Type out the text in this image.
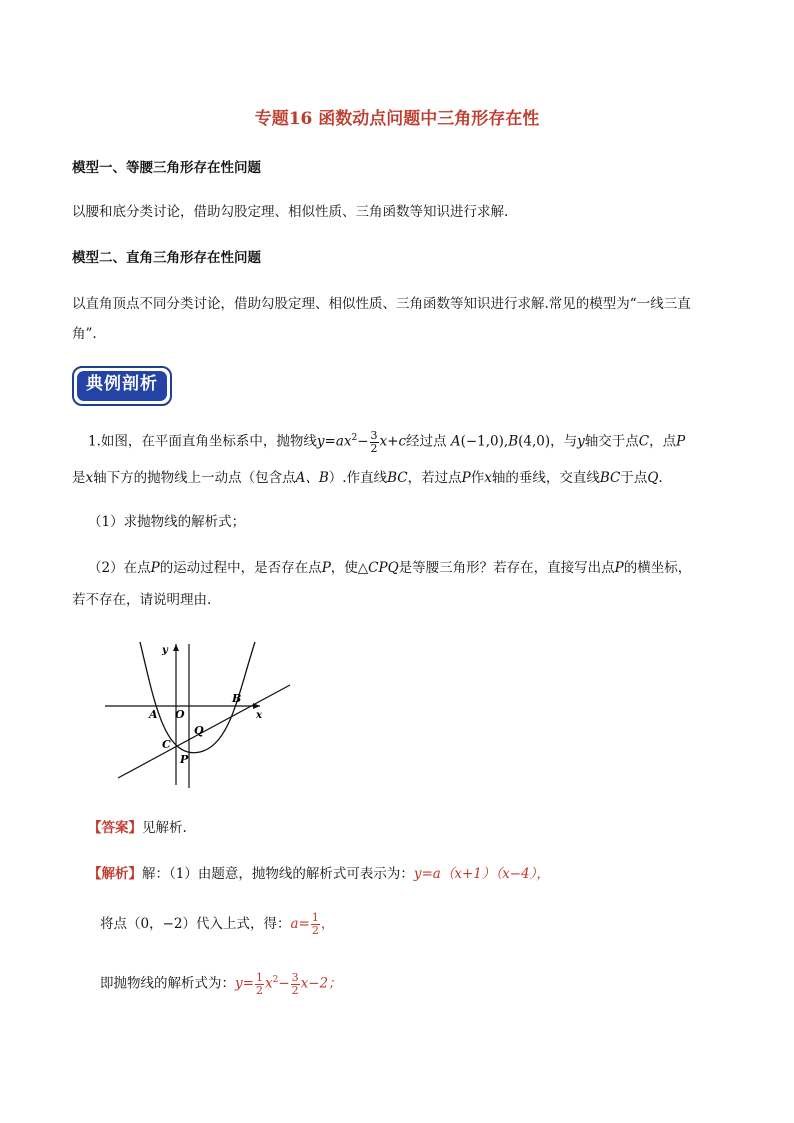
专题16 函数动点问题中三角形存在性
模型一、等腰三角形存在性问题
以腰和底分类讨论，借助勾股定理、相似性质、三角函数等知识进行求解.
模型二、直角三角形存在性问题
以直角顶点不同分类讨论，借助勾股定理、相似性质、三角函数等知识进行求解.常见的模型为“一线三直
角”.
典例剖析
1.如图，在平面直角坐标系中，抛物线$y=ax^2- \frac{3}{2} x+c$经过点 A(−1,0),B(4,0)，与y轴交于点C，点P
是x轴下方的抛物线上一动点（包含点A、B）.作直线BC，若过点P作x轴的垂线，交直线BC于点Q.
（1）求抛物线的解析式；
（2）在点P的运动过程中，是否存在点P，使△CPQ是等腰三角形？若存在，直接写出点P的横坐标，
若不存在，请说明理由.
y
x
A O
B
C
Q
P
【答案】见解析.
【解析】解：（1）由题意，抛物线的解析式可表示为：y=a（x+1）（x−4），
将点（0，−2）代入上式，得：$a= \frac{1}{2}$ ，
即抛物线的解析式为：$y= \frac{1}{2} x^2- \frac{3}{2} x-2$；
